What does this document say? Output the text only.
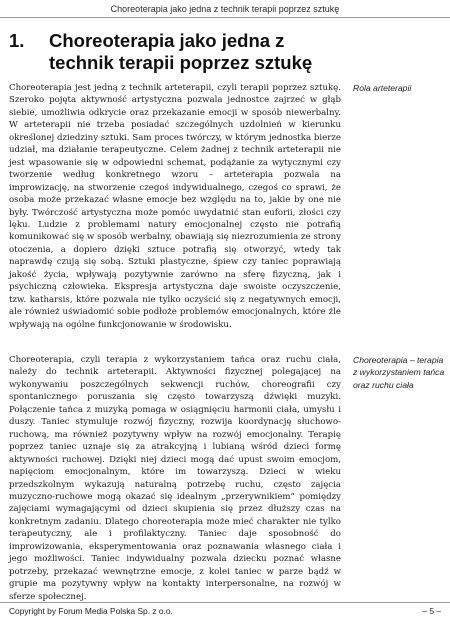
Choreoterapia jako jedna z technik terapii poprzez sztukę
1.	Choreoterapia jako jedna z technik terapii poprzez sztukę
Choreoterapia jest jedną z technik arteterapii, czyli terapii poprzez sztukę. Szeroko pojęta aktywność artystyczna pozwala jednostce zajrzeć w głąb siebie, umożliwia odkrycie oraz przekazanie emocji w sposób niewerbalny. W arteterapii nie trzeba posiadać szczególnych uzdolnień w kierunku określonej dziedziny sztuki. Sam proces twórczy, w którym jednostka bierze udział, ma działanie terapeutyczne. Celem żadnej z technik arteterapii nie jest wpasowanie się w odpowiedni schemat, podążanie za wytycznymi czy tworzenie według konkretnego wzoru – arteterapia pozwala na improwizację, na stworzenie czegoś indywidualnego, czegoś co sprawi, że osoba może przekazać własne emocje bez względu na to, jakie by one nie były. Twórczość artystyczna może pomóc uwydatnić stan euforii, złości czy lęku. Ludzie z problemami natury emocjonalnej często nie potrafią komunikować się w sposób werbalny, obawiają się niezrozumienia ze strony otoczenia, a dopiero dzięki sztuce potrafią się otworzyć, wtedy tak naprawdę czują się sobą. Sztuki plastyczne, śpiew czy taniec poprawiają jakość życia, wpływają pozytywnie zarówno na sferę fizyczną, jak i psychiczną człowieka. Ekspresja artystyczna daje swoiste oczyszczenie, tzw. katharsis, które pozwala nie tylko oczyścić się z negatywnych emocji, ale również uświadomić sobie podłoże problemów emocjonalnych, które źle wpływają na ogólne funkcjonowanie w środowisku.
Rola arteterapii
Choreoterapia, czyli terapia z wykorzystaniem tańca oraz ruchu ciała, należy do technik arteterapii. Aktywności fizycznej polegającej na wykonywaniu poszczególnych sekwencji ruchów, choreografii czy spontanicznego poruszania się często towarzyszą dźwięki muzyki. Połączenie tańca z muzyką pomaga w osiągnięciu harmonii ciała, umysłu i duszy. Taniec stymuluje rozwój fizyczny, rozwija koordynację słuchowo-ruchową, ma również pozytywny wpływ na rozwój emocjonalny. Terapię poprzez taniec uznaje się za atrakcyjną i lubianą wśród dzieci formę aktywności ruchowej. Dzięki niej dzieci mogą dać upust swoim emocjom, napięciom emocjonalnym, które im towarzyszą. Dzieci w wieku przedszkolnym wykazują naturalną potrzebę ruchu, często zajęcia muzyczno-ruchowe mogą okazać się idealnym „przerywnikiem” pomiędzy zajęciami wymagającymi od dzieci skupienia się przez dłuższy czas na konkretnym zadaniu. Dlatego choreoterapia może mieć charakter nie tylko terapeutyczny, ale i profilaktyczny. Taniec daje sposobność do improwizowania, eksperymentowania oraz poznawania własnego ciała i jego możliwości. Taniec indywidualny pozwala dziecku poznać własne potrzeby, przekazać wewnętrzne emocje, z kolei taniec w parze bądź w grupie ma pozytywny wpływ na kontakty interpersonalne, na rozwój w sferze społecznej.
Choreoterapia – terapia z wykorzystaniem tańca oraz ruchu ciała
Copyright by Forum Media Polska Sp. z o.o.	– 5 –
